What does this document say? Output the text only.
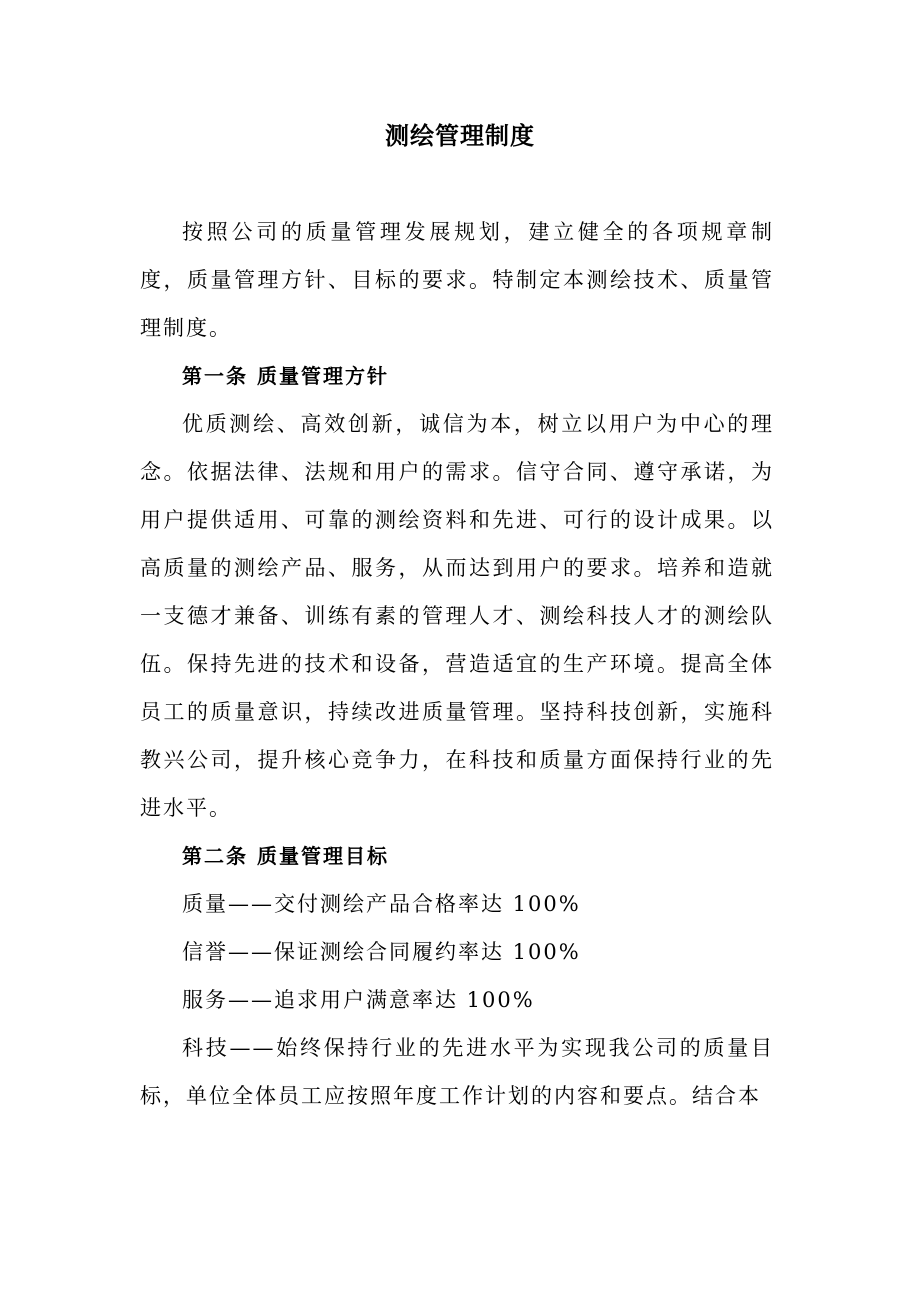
测绘管理制度

按照公司的质量管理发展规划，建立健全的各项规章制度，质量管理方针、目标的要求。特制定本测绘技术、质量管理制度。

第一条 质量管理方针

优质测绘、高效创新，诚信为本，树立以用户为中心的理念。依据法律、法规和用户的需求。信守合同、遵守承诺，为用户提供适用、可靠的测绘资料和先进、可行的设计成果。以高质量的测绘产品、服务，从而达到用户的要求。培养和造就一支德才兼备、训练有素的管理人才、测绘科技人才的测绘队伍。保持先进的技术和设备，营造适宜的生产环境。提高全体员工的质量意识，持续改进质量管理。坚持科技创新，实施科教兴公司，提升核心竞争力，在科技和质量方面保持行业的先进水平。

第二条 质量管理目标

质量——交付测绘产品合格率达 100%

信誉——保证测绘合同履约率达 100%

服务——追求用户满意率达 100%

科技——始终保持行业的先进水平为实现我公司的质量目标，单位全体员工应按照年度工作计划的内容和要点。结合本
